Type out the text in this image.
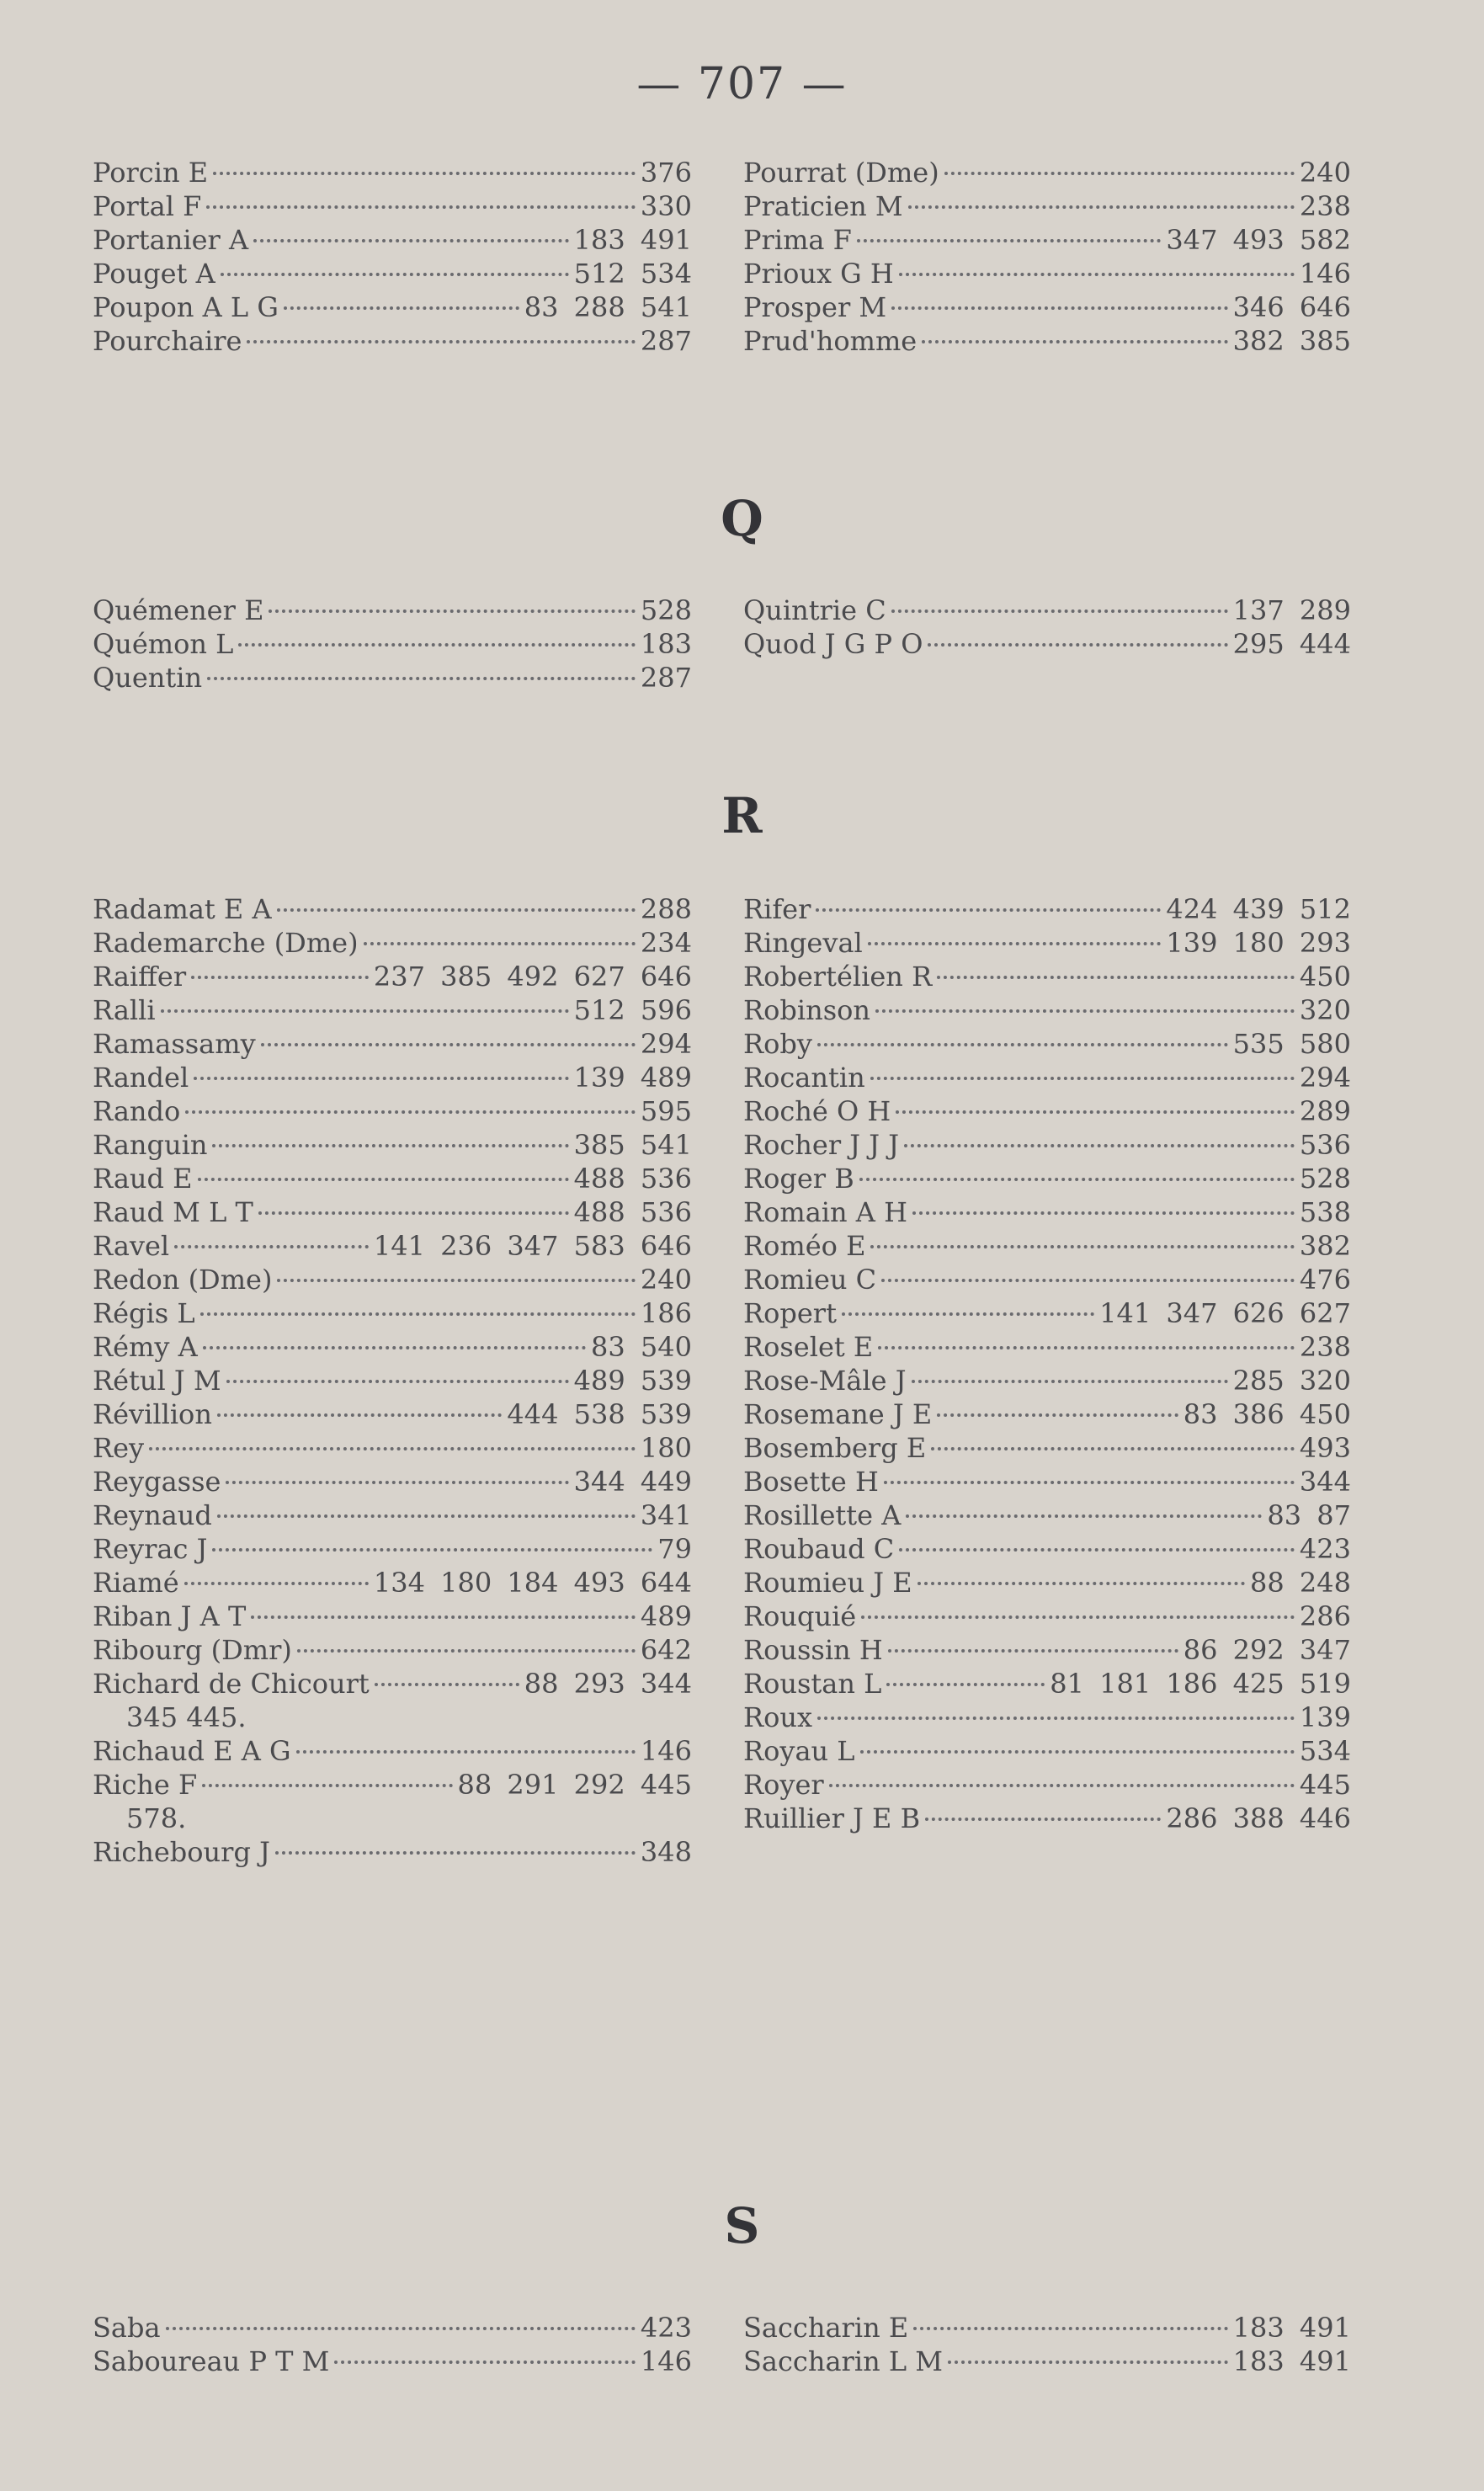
— 707 —
Porcin E	376
Portal F	330
Portanier A	183 491
Pouget A	512 534
Poupon A L G	83 288 541
Pourchaire	287
Pourrat (Dme)	240
Praticien M	238
Prima F	347 493 582
Prioux G H	146
Prosper M	346 646
Prud'homme	382 385
Q
Quémener E	528
Quémon L	183
Quentin	287
Quintrie C	137 289
Quod J G P O	295 444
R
Radamat E A	288
Rademarche (Dme)	234
Raiffer	237 385 492 627 646
Ralli	512 596
Ramassamy	294
Randel	139 489
Rando	595
Ranguin	385 541
Raud E	488 536
Raud M L T	488 536
Ravel	141 236 347 583 646
Redon (Dme)	240
Régis L	186
Rémy A	83 540
Rétul J M	489 539
Révillion	444 538 539
Rey	180
Reygasse	344 449
Reynaud	341
Reyrac J	79
Riamé	134 180 184 493 644
Riban J A T	489
Ribourg (Dmr)	642
Richard de Chicourt	88 293 344
345 445.
Richaud E A G	146
Riche F	88 291 292 445
578.
Richebourg J	348
Rifer	424 439 512
Ringeval	139 180 293
Robertélien R	450
Robinson	320
Roby	535 580
Rocantin	294
Roché O H	289
Rocher J J J	536
Roger B	528
Romain A H	538
Roméo E	382
Romieu C	476
Ropert	141 347 626 627
Roselet E	238
Rose-Mâle J	285 320
Rosemane J E	83 386 450
Bosemberg E	493
Bosette H	344
Rosillette A	83 87
Roubaud C	423
Roumieu J E	88 248
Rouquié	286
Roussin H	86 292 347
Roustan L	81 181 186 425 519
Roux	139
Royau L	534
Royer	445
Ruillier J E B	286 388 446
S
Saba	423
Saboureau P T M	146
Saccharin E	183 491
Saccharin L M	183 491
